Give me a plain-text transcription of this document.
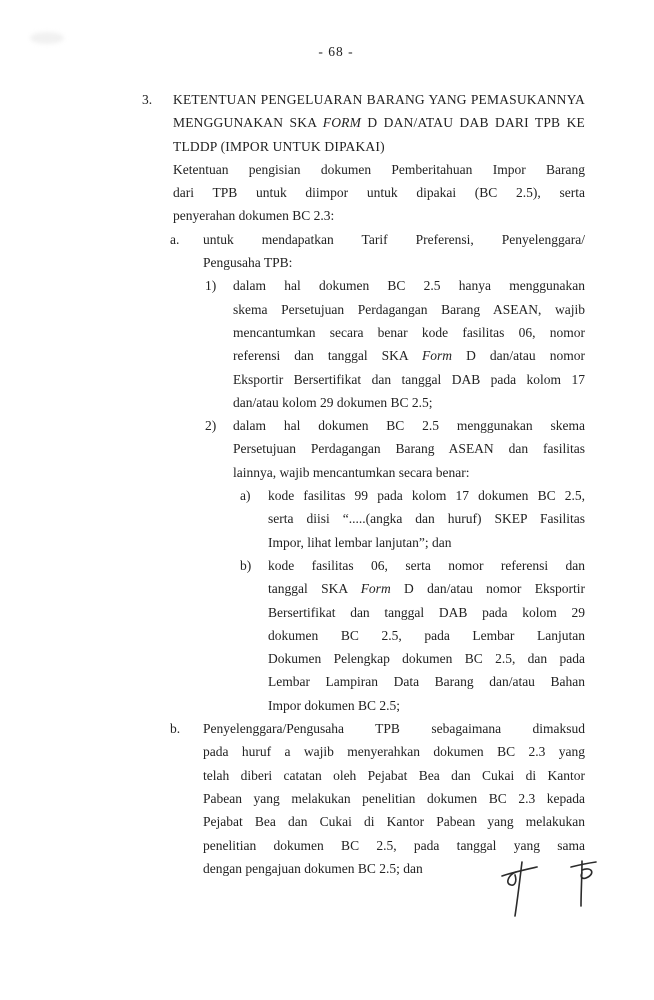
- 68 -
3.	KETENTUAN PENGELUARAN BARANG YANG PEMASUKANNYA
MENGGUNAKAN SKA FORM D DAN/ATAU DAB DARI TPB KE
TLDDP (IMPOR UNTUK DIPAKAI)
Ketentuan pengisian dokumen Pemberitahuan Impor Barang
dari TPB untuk diimpor untuk dipakai (BC 2.5), serta
penyerahan dokumen BC 2.3:
a.	untuk mendapatkan Tarif Preferensi, Penyelenggara/
Pengusaha TPB:
1)	dalam hal dokumen BC 2.5 hanya menggunakan
skema Persetujuan Perdagangan Barang ASEAN, wajib
mencantumkan secara benar kode fasilitas 06, nomor
referensi dan tanggal SKA Form D dan/atau nomor
Eksportir Bersertifikat dan tanggal DAB pada kolom 17
dan/atau kolom 29 dokumen BC 2.5;
2)	dalam hal dokumen BC 2.5 menggunakan skema
Persetujuan Perdagangan Barang ASEAN dan fasilitas
lainnya, wajib mencantumkan secara benar:
a)	kode fasilitas 99 pada kolom 17 dokumen BC 2.5,
serta diisi “.....(angka dan huruf) SKEP Fasilitas
Impor, lihat lembar lanjutan”; dan
b)	kode fasilitas 06, serta nomor referensi dan
tanggal SKA Form D dan/atau nomor Eksportir
Bersertifikat dan tanggal DAB pada kolom 29
dokumen BC 2.5, pada Lembar Lanjutan
Dokumen Pelengkap dokumen BC 2.5, dan pada
Lembar Lampiran Data Barang dan/atau Bahan
Impor dokumen BC 2.5;
b.	Penyelenggara/Pengusaha TPB sebagaimana dimaksud
pada huruf a wajib menyerahkan dokumen BC 2.3 yang
telah diberi catatan oleh Pejabat Bea dan Cukai di Kantor
Pabean yang melakukan penelitian dokumen BC 2.3 kepada
Pejabat Bea dan Cukai di Kantor Pabean yang melakukan
penelitian dokumen BC 2.5, pada tanggal yang sama
dengan pengajuan dokumen BC 2.5; dan
